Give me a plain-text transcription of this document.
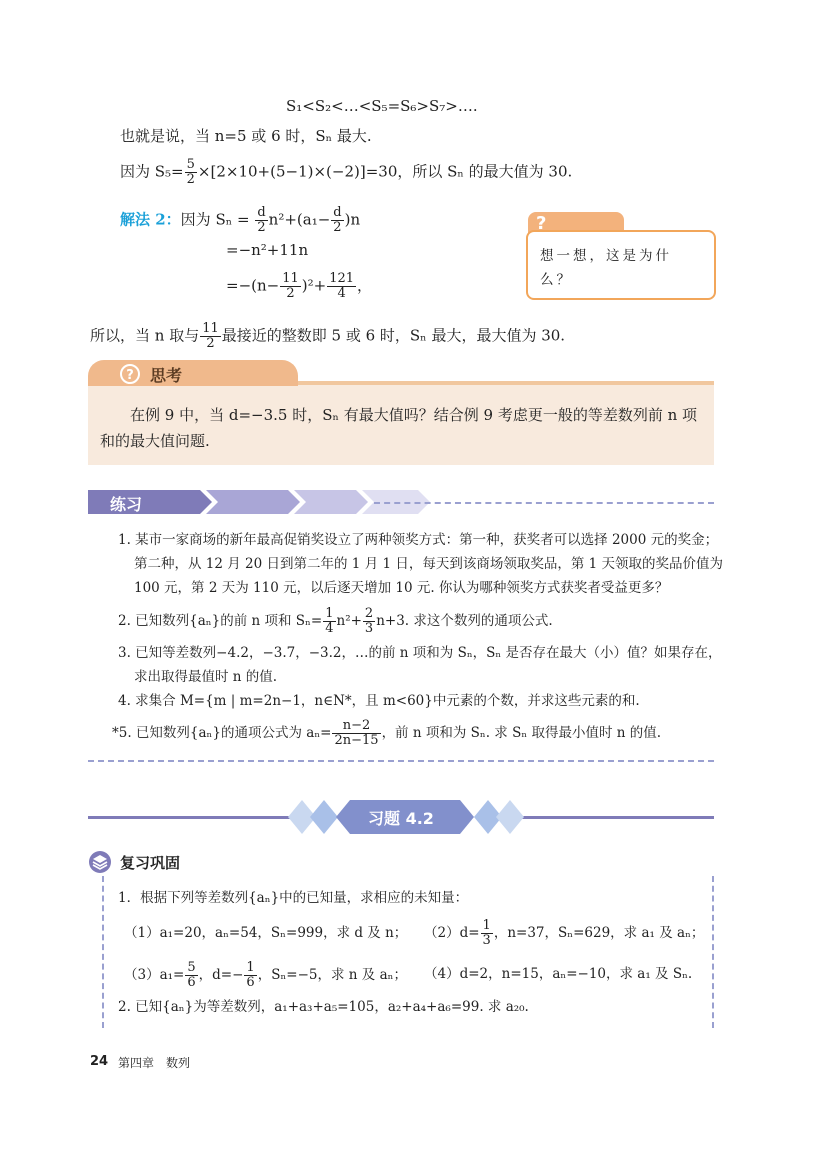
S₁<S₂<…<S₅=S₆>S₇>….
也就是说，当 n=5 或 6 时，Sₙ 最大.
因为 $S_5= \frac{5}{2} \times[2\times 10+(5-1)\times(-2)]=30$，所以 Sₙ 的最大值为 30.
解法 2：因为 $S_n = \frac{d}{2} n^2+(a_1- \frac{d}{2} )n$
=−n²+11n
$=-(n- \frac{11}{2} )^2+ \frac{121}{4}$ ，
所以，当 n 取与 $\frac{11}{2}$ 最接近的整数即 5 或 6 时，Sₙ 最大，最大值为 30.
?
想一想，这是为什么？
?	思考
在例 9 中，当 d=−3.5 时，Sₙ 有最大值吗？结合例 9 考虑更一般的等差数列前 n 项和的最大值问题.
练习
1. 某市一家商场的新年最高促销奖设立了两种领奖方式：第一种，获奖者可以选择 2000 元的奖金；
第二种，从 12 月 20 日到第二年的 1 月 1 日，每天到该商场领取奖品，第 1 天领取的奖品价值为
100 元，第 2 天为 110 元，以后逐天增加 10 元. 你认为哪种领奖方式获奖者受益更多？
2. 已知数列{aₙ}的前 n 项和 $S_n= \frac{1}{4} n^2+ \frac{2}{3} n+3$. 求这个数列的通项公式.
3. 已知等差数列−4.2，−3.7，−3.2，…的前 n 项和为 Sₙ，Sₙ 是否存在最大（小）值？如果存在，
求出取得最值时 n 的值.
4. 求集合 M={m | m=2n−1，n∈N*，且 m<60}中元素的个数，并求这些元素的和.
*5. 已知数列{aₙ}的通项公式为 $a_n= \frac{n-2}{2n-15}$ ，前 n 项和为 Sₙ. 求 Sₙ 取得最小值时 n 的值.
习题 4.2
复习巩固
1．根据下列等差数列{aₙ}中的已知量，求相应的未知量：
（1）a₁=20，aₙ=54，Sₙ=999，求 d 及 n； $(2)d= \frac{1}{3}$ ，n=37，Sₙ=629，求 a₁ 及 aₙ；
$(3)a_1= \frac{5}{6}$ ，$d=- \frac{1}{6}$ ，Sₙ=−5，求 n 及 aₙ； （4）d=2，n=15，aₙ=−10，求 a₁ 及 Sₙ.
2. 已知{aₙ}为等差数列，a₁+a₃+a₅=105，a₂+a₄+a₆=99. 求 a₂₀.
24 第四章　数列
